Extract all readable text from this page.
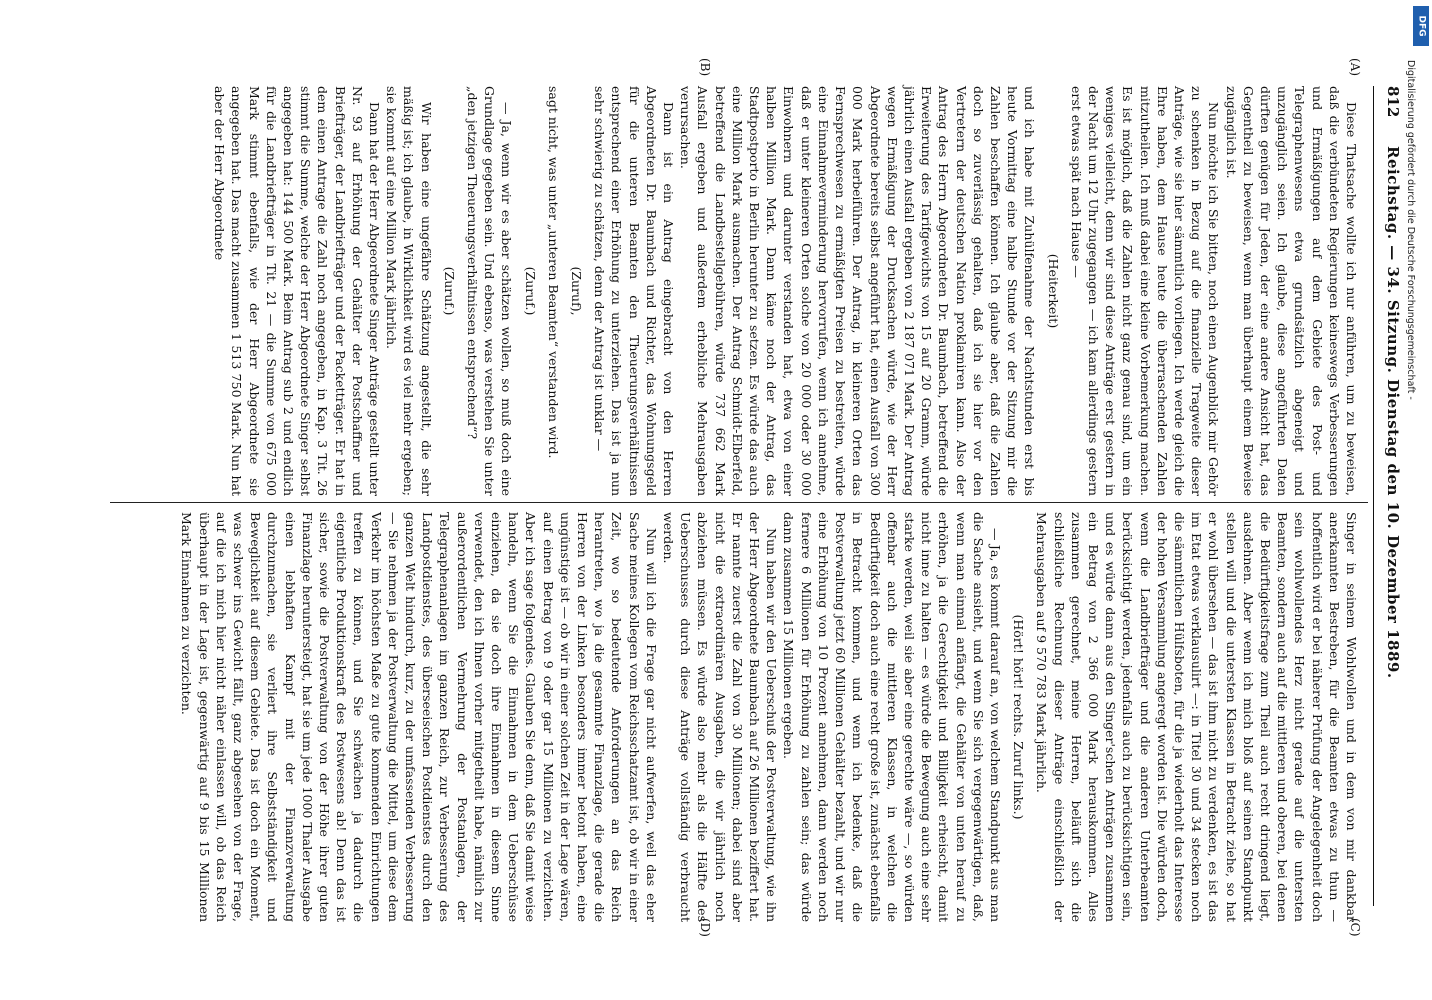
812
Reichstag. — 34. Sitzung. Dienstag den 10. Dezember 1889.
(A)
(B)
(C)
(D)

Diese Thatsache wollte ich nur anführen, um zu beweisen, daß die verbündeten Regierungen keineswegs Verbesserungen und Ermäßigungen auf dem Gebiete des Post- und Telegraphenwesens etwa grundsätzlich abgeneigt und unzugänglich seien. Ich glaube, diese angeführten Daten dürften genügen für Jeden, der eine andere Ansicht hat, das Gegentheil zu beweisen, wenn man überhaupt einem Beweise zugänglich ist.

Nun möchte ich Sie bitten, noch einen Augenblick mir Gehör zu schenken in Bezug auf die finanzielle Tragweite dieser Anträge, wie sie hier sämmtlich vorliegen. Ich werde gleich die Ehre haben, dem Hause heute die überraschenden Zahlen mitzutheilen. Ich muß dabei eine kleine Vorbemerkung machen. Es ist möglich, daß die Zahlen nicht ganz genau sind, um ein weniges vielleicht, denn wir sind diese Anträge erst gestern in der Nacht um 12 Uhr zugegangen — ich kam allerdings gestern erst etwas spät nach Hause —

(Heiterkeit)

und ich habe mit Zuhülfenahme der Nachtstunden erst bis heute Vormittag eine halbe Stunde vor der Sitzung mir die Zahlen beschaffen können. Ich glaube aber, daß die Zahlen doch so zuverlässig gehalten, daß ich sie hier vor den Vertretern der deutschen Nation proklamiren kann. Also der Antrag des Herrn Abgeordneten Dr. Baumbach, betreffend die Erweiterung des Tarifgewichts von 15 auf 20 Gramm, würde jährlich einen Ausfall ergeben von 2 187 071 Mark. Der Antrag wegen Ermäßigung der Drucksachen würde, wie der Herr Abgeordnete bereits selbst angeführt hat, einen Ausfall von 300 000 Mark herbeiführen. Der Antrag, in kleineren Orten das Fernsprechwesen zu ermäßigten Preisen zu bestreiten, würde eine Einnahmeverminderung hervorrufen, wenn ich annehme, daß er unter kleineren Orten solche von 20 000 oder 30 000 Einwohnern und darunter verstanden hat, etwa von einer halben Million Mark. Dann käme noch der Antrag, das Stadtpostporto in Berlin herunter zu setzen. Es würde das auch eine Million Mark ausmachen. Der Antrag Schmidt-Elberfeld, betreffend die Landbestellgebühren, würde 737 662 Mark Ausfall ergeben und außerdem erhebliche Mehrausgaben verursachen.

Dann ist ein Antrag eingebracht von den Herren Abgeordneten Dr. Baumbach und Richter, das Wohnungsgeld für die unteren Beamten den Theuerungsverhältnissen entsprechend einer Erhöhung zu unterziehen. Das ist ja nun sehr schwierig zu schätzen, denn der Antrag ist unklar —

(Zuruf),

sagt nicht, was unter „unteren Beamten“ verstanden wird.

(Zuruf.)

— Ja, wenn wir es aber schätzen wollen, so muß doch eine Grundlage gegeben sein. Und ebenso, was verstehen Sie unter „den jetzigen Theuerungsverhältnissen entsprechend“?

(Zuruf.)

Wir haben eine ungefähre Schätzung angestellt, die sehr mäßig ist; ich glaube, in Wirklichkeit wird es viel mehr ergeben; sie kommt auf eine Million Mark jährlich.

Dann hat der Herr Abgeordnete Singer Anträge gestellt unter Nr. 93 auf Erhöhung der Gehälter der Postschaffner und Briefträger, der Landbriefträger und der Packetträger. Er hat in dem einen Antrage die Zahl noch angegeben, in Kap. 3 Tit. 26 stimmt die Summe, welche der Herr Abgeordnete Singer selbst angegeben hat: 144 500 Mark. Beim Antrag sub 2 und endlich für die Landbriefträger in Tit. 21 — die Summe von 675 000 Mark stimmt ebenfalls, wie der Herr Abgeordnete sie angegeben hat. Das macht zusammen 1 513 750 Mark. Nun hat aber der Herr Abgeordnete

Singer in seinem Wohlwollen und in dem von mir dankbar anerkannten Bestreben, für die Beamten etwas zu thun — hoffentlich wird er bei näherer Prüfung der Angelegenheit doch sein wohlwollendes Herz nicht gerade auf die untersten Beamten, sondern auch auf die mittleren und oberen, bei denen die Bedürftigkeitsfrage zum Theil auch recht dringend liegt, ausdehnen. Aber wenn ich mich bloß auf seinen Standpunkt stellen will und die untersten Klassen in Betracht ziehe, so hat er wohl übersehen — das ist ihm nicht zu verdenken, es ist das im Etat etwas verklausulirt —: in Titel 30 und 34 stecken noch die sämmtlichen Hülfsboten, für die ja wiederholt das Interesse der hohen Versammlung angeregt worden ist. Die würden doch, wenn die Landbriefträger und die anderen Unterbeamten berücksichtigt werden, jedenfalls auch zu berücksichtigen sein, und es würde dann aus den Singer'schen Anträgen zusammen ein Betrag von 2 366 000 Mark herauskommen. Alles zusammen gerechnet, meine Herren, beläuft sich die schließliche Rechnung dieser Anträge einschließlich der Mehrausgaben auf 9 570 783 Mark jährlich.

(Hört! hört! rechts. Zuruf links.)

— Ja, es kommt darauf an, von welchem Standpunkt aus man die Sache ansieht, und wenn Sie sich vergegenwärtigen, daß, wenn man einmal anfängt, die Gehälter von unten herauf zu erhöhen, ja die Gerechtigkeit und Billigkeit erheischt, damit nicht inne zu halten — es würde die Bewegung auch eine sehr starke werden, weil sie aber eine gerechte wäre —, so würden offenbar auch die mittleren Klassen, in welchen die Bedürftigkeit doch auch eine recht große ist, zunächst ebenfalls in Betracht kommen, und wenn ich bedenke, daß die Postverwaltung jetzt 60 Millionen Gehälter bezahlt, und wir nur eine Erhöhung von 10 Prozent annehmen, dann werden noch fernere 6 Millionen für Erhöhung zu zahlen sein; das würde dann zusammen 15 Millionen ergeben.

Nun haben wir den Ueberschuß der Postverwaltung, wie ihn der Herr Abgeordnete Baumbach auf 26 Millionen beziffert hat. Er nannte zuerst die Zahl von 30 Millionen; dabei sind aber nicht die extraordinären Ausgaben, die wir jährlich noch abziehen müssen. Es würde also mehr als die Hälfte des Ueberschusses durch diese Anträge vollständig verbraucht werden.

Nun will ich die Frage gar nicht aufwerfen, weil das eher Sache meines Kollegen vom Reichsschatzamt ist, ob wir in einer Zeit, wo so bedeutende Anforderungen an das Reich herantreten, wo ja die gesammte Finanzlage, die gerade die Herren von der Linken besonders immer betont haben, eine ungünstige ist — ob wir in einer solchen Zeit in der Lage wären, auf einen Betrag von 9 oder gar 15 Millionen zu verzichten. Aber ich sage folgendes. Glauben Sie denn, daß Sie damit weise handeln, wenn Sie die Einnahmen in dem Ueberschüsse einziehen, da sie doch ihre Einnahmen in diesem Sinne verwendet, den ich Ihnen vorher mitgetheilt habe, nämlich zur außerordentlichen Vermehrung der Postanlagen, der Telegraphenanlagen im ganzen Reich, zur Verbesserung des Landpostdienstes, des überseeischen Postdienstes durch den ganzen Welt hindurch, kurz, zu der umfassenden Verbesserung — Sie nehmen ja der Postverwaltung die Mittel, um diese dem Verkehr im höchsten Maße zu gute kommenden Einrichtungen treffen zu können, und Sie schwächen ja dadurch die eigentliche Produktionskraft des Postwesens ab! Denn das ist sicher, sowie die Postverwaltung von der Höhe ihrer guten Finanzlage heruntersteigt, hat sie um jede 1000 Thaler Ausgabe einen lebhaften Kampf mit der Finanzverwaltung durchzumachen, sie verliert ihre Selbstständigkeit und Beweglichkeit auf diesem Gebiete. Das ist doch ein Moment, was schwer ins Gewicht fällt, ganz abgesehen von der Frage, auf die ich mich hier nicht näher einlassen will, ob das Reich überhaupt in der Lage ist, gegenwärtig auf 9 bis 15 Millionen Mark Einnahmen zu verzichten.

DFG
Digitalisierung gefördert durch die Deutsche Forschungsgemeinschaft -
